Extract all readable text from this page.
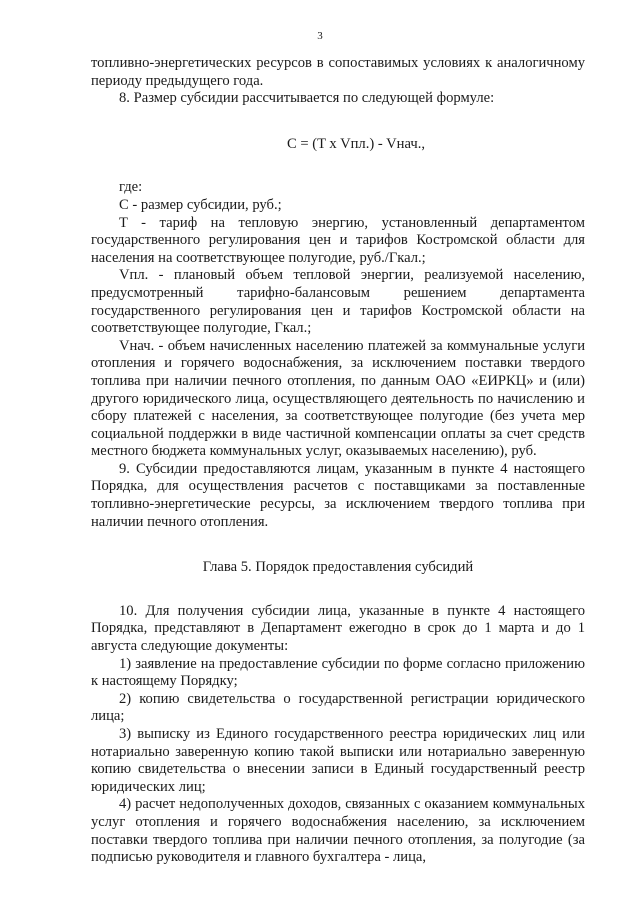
3

топливно-энергетических ресурсов в сопоставимых условиях к аналогичному периоду предыдущего года.

8. Размер субсидии рассчитывается по следующей формуле:

C = (T x Vпл.) - Vнач.,

где:

C - размер субсидии, руб.;

T - тариф на тепловую энергию, установленный департаментом государственного регулирования цен и тарифов Костромской области для населения на соответствующее полугодие, руб./Гкал.;

Vпл. - плановый объем тепловой энергии, реализуемой населению, предусмотренный тарифно-балансовым решением департамента государственного регулирования цен и тарифов Костромской области на соответствующее полугодие, Гкал.;

Vнач. - объем начисленных населению платежей за коммунальные услуги отопления и горячего водоснабжения, за исключением поставки твердого топлива при наличии печного отопления, по данным ОАО «ЕИРКЦ» и (или) другого юридического лица, осуществляющего деятельность по начислению и сбору платежей с населения, за соответствующее полугодие (без учета мер социальной поддержки в виде частичной компенсации оплаты за счет средств местного бюджета коммунальных услуг, оказываемых населению), руб.

9. Субсидии предоставляются лицам, указанным в пункте 4 настоящего Порядка, для осуществления расчетов с поставщиками за поставленные топливно-энергетические ресурсы, за исключением твердого топлива при наличии печного отопления.

Глава 5. Порядок предоставления субсидий

10. Для получения субсидии лица, указанные в пункте 4 настоящего Порядка, представляют в Департамент ежегодно в срок до 1 марта и до 1 августа следующие документы:

1) заявление на предоставление субсидии по форме согласно приложению к настоящему Порядку;

2) копию свидетельства о государственной регистрации юридического лица;

3) выписку из Единого государственного реестра юридических лиц или нотариально заверенную копию такой выписки или нотариально заверенную копию свидетельства о внесении записи в Единый государственный реестр юридических лиц;

4) расчет недополученных доходов, связанных с оказанием коммунальных услуг отопления и горячего водоснабжения населению, за исключением поставки твердого топлива при наличии печного отопления, за полугодие (за подписью руководителя и главного бухгалтера - лица,
